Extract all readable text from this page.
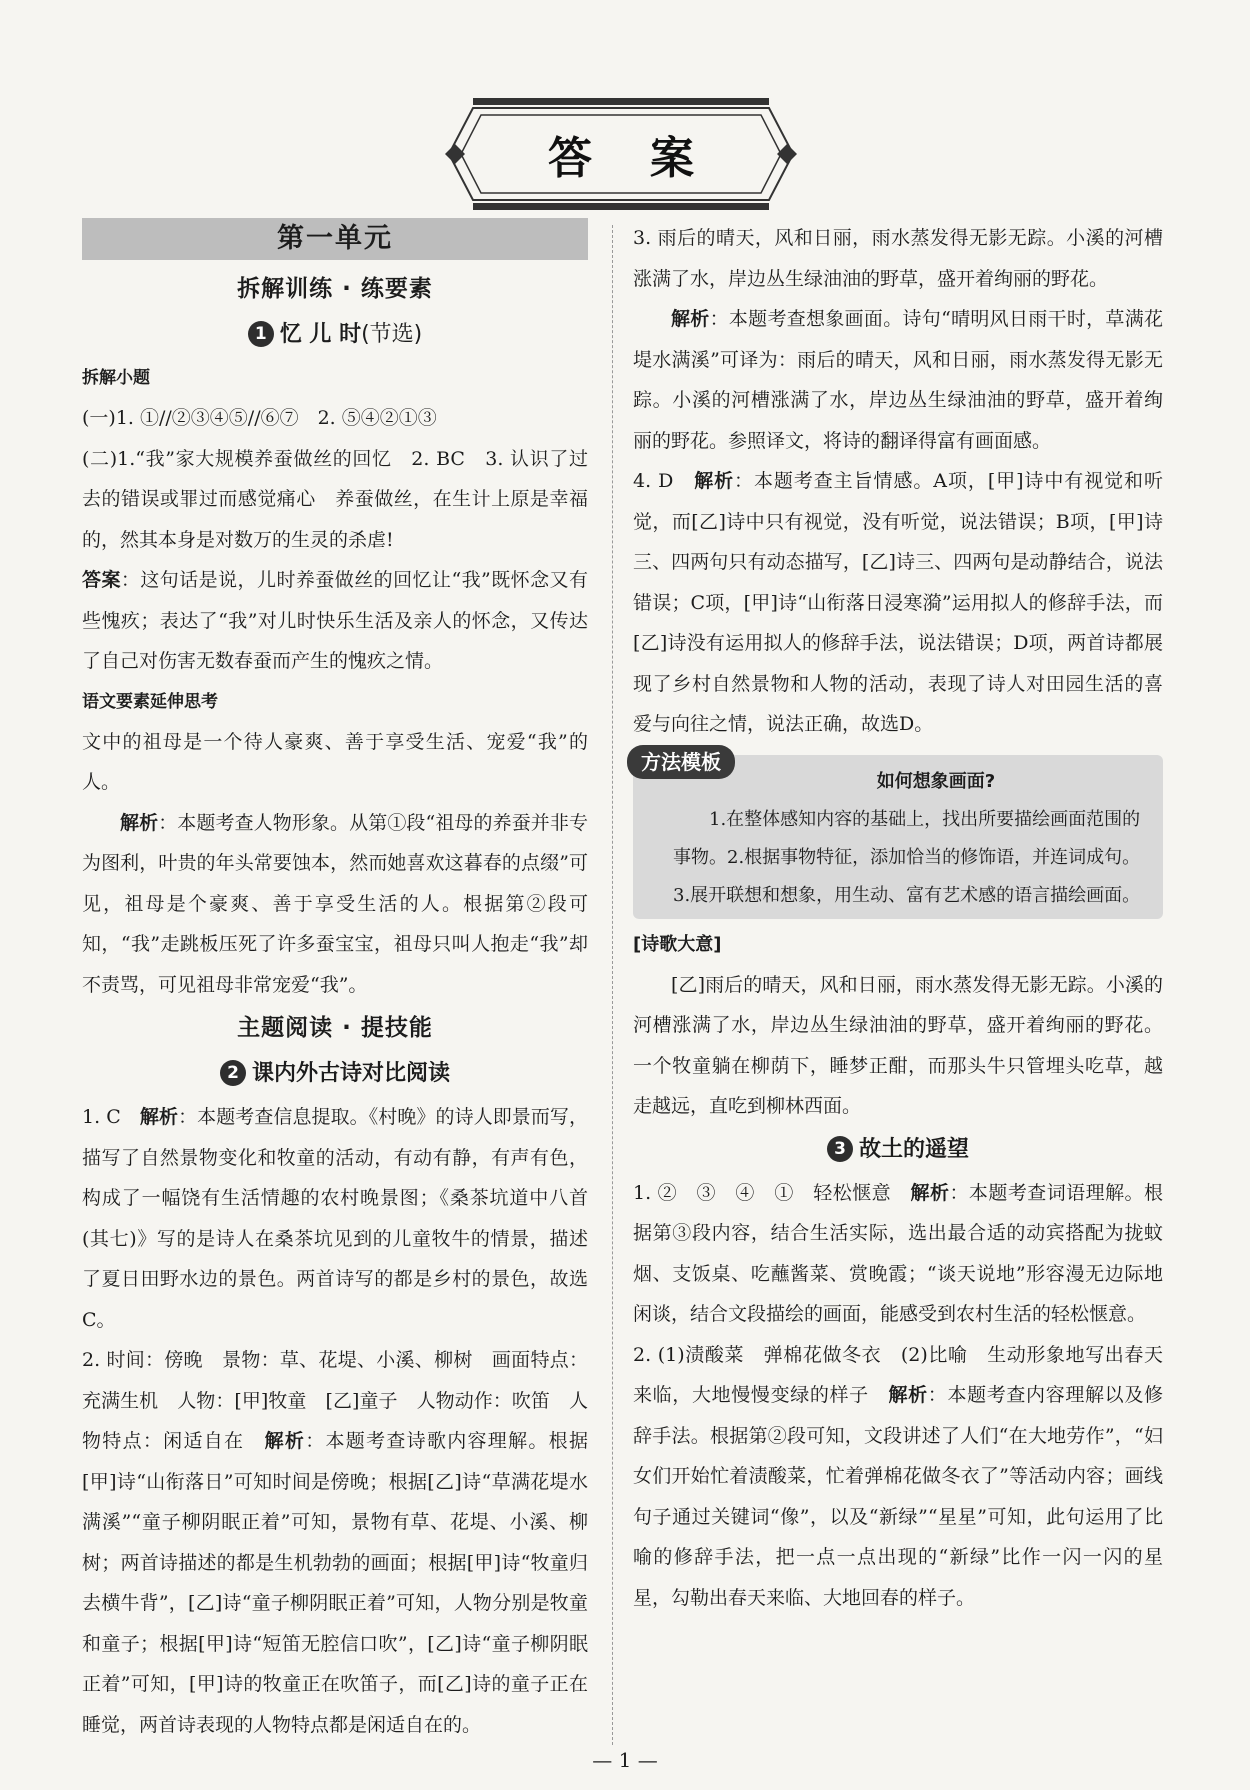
答案
第一单元
拆解训练 · 练要素
1 忆 儿 时(节选)
拆解小题

(一)1. ①//②③④⑤//⑥⑦　2. ⑤④②①③

(二)1.“我”家大规模养蚕做丝的回忆　2. BC　3. 认识了过去的错误或罪过而感觉痛心　养蚕做丝，在生计上原是幸福的，然其本身是对数万的生灵的杀虐!

答案：这句话是说，儿时养蚕做丝的回忆让“我”既怀念又有些愧疚；表达了“我”对儿时快乐生活及亲人的怀念，又传达了自己对伤害无数春蚕而产生的愧疚之情。

语文要素延伸思考

文中的祖母是一个待人豪爽、善于享受生活、宠爱“我”的人。

解析：本题考查人物形象。从第①段“祖母的养蚕并非专为图利，叶贵的年头常要蚀本，然而她喜欢这暮春的点缀”可见，祖母是个豪爽、善于享受生活的人。根据第②段可知，“我”走跳板压死了许多蚕宝宝，祖母只叫人抱走“我”却不责骂，可见祖母非常宠爱“我”。

主题阅读 · 提技能
2 课内外古诗对比阅读

1. C　解析：本题考查信息提取。《村晚》的诗人即景而写，描写了自然景物变化和牧童的活动，有动有静，有声有色，构成了一幅饶有生活情趣的农村晚景图；《桑茶坑道中八首(其七)》写的是诗人在桑茶坑见到的儿童牧牛的情景，描述了夏日田野水边的景色。两首诗写的都是乡村的景色，故选C。

2. 时间：傍晚　景物：草、花堤、小溪、柳树　画面特点：充满生机　人物：[甲]牧童　[乙]童子　人物动作：吹笛　人物特点：闲适自在　解析：本题考查诗歌内容理解。根据[甲]诗“山衔落日”可知时间是傍晚；根据[乙]诗“草满花堤水满溪”“童子柳阴眠正着”可知，景物有草、花堤、小溪、柳树；两首诗描述的都是生机勃勃的画面；根据[甲]诗“牧童归去横牛背”，[乙]诗“童子柳阴眠正着”可知，人物分别是牧童和童子；根据[甲]诗“短笛无腔信口吹”，[乙]诗“童子柳阴眠正着”可知，[甲]诗的牧童正在吹笛子，而[乙]诗的童子正在睡觉，两首诗表现的人物特点都是闲适自在的。

3. 雨后的晴天，风和日丽，雨水蒸发得无影无踪。小溪的河槽涨满了水，岸边丛生绿油油的野草，盛开着绚丽的野花。

解析：本题考查想象画面。诗句“晴明风日雨干时，草满花堤水满溪”可译为：雨后的晴天，风和日丽，雨水蒸发得无影无踪。小溪的河槽涨满了水，岸边丛生绿油油的野草，盛开着绚丽的野花。参照译文，将诗的翻译得富有画面感。

4. D　解析：本题考查主旨情感。A项，[甲]诗中有视觉和听觉，而[乙]诗中只有视觉，没有听觉，说法错误；B项，[甲]诗三、四两句只有动态描写，[乙]诗三、四两句是动静结合，说法错误；C项，[甲]诗“山衔落日浸寒漪”运用拟人的修辞手法，而[乙]诗没有运用拟人的修辞手法，说法错误；D项，两首诗都展现了乡村自然景物和人物的活动，表现了诗人对田园生活的喜爱与向往之情，说法正确，故选D。

方法模板
如何想象画面?
1.在整体感知内容的基础上，找出所要描绘画面范围的事物。2.根据事物特征，添加恰当的修饰语，并连词成句。3.展开联想和想象，用生动、富有艺术感的语言描绘画面。
[诗歌大意]

[乙]雨后的晴天，风和日丽，雨水蒸发得无影无踪。小溪的河槽涨满了水，岸边丛生绿油油的野草，盛开着绚丽的野花。一个牧童躺在柳荫下，睡梦正酣，而那头牛只管埋头吃草，越走越远，直吃到柳林西面。

3 故土的遥望

1. ②　③　④　①　轻松惬意　解析：本题考查词语理解。根据第③段内容，结合生活实际，选出最合适的动宾搭配为拢蚊烟、支饭桌、吃蘸酱菜、赏晚霞；“谈天说地”形容漫无边际地闲谈，结合文段描绘的画面，能感受到农村生活的轻松惬意。

2. (1)渍酸菜　弹棉花做冬衣　(2)比喻　生动形象地写出春天来临，大地慢慢变绿的样子　解析：本题考查内容理解以及修辞手法。根据第②段可知，文段讲述了人们“在大地劳作”，“妇女们开始忙着渍酸菜，忙着弹棉花做冬衣了”等活动内容；画线句子通过关键词“像”，以及“新绿”“星星”可知，此句运用了比喻的修辞手法，把一点一点出现的“新绿”比作一闪一闪的星星，勾勒出春天来临、大地回春的样子。

— 1 —
